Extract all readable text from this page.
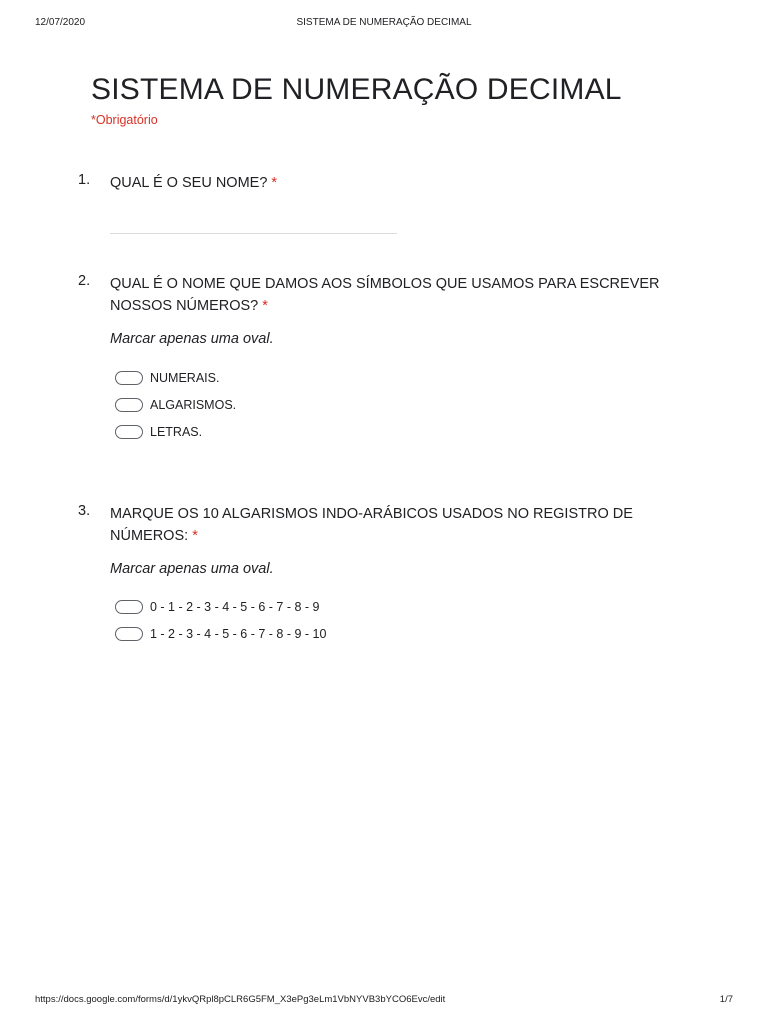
12/07/2020	SISTEMA DE NUMERAÇÃO DECIMAL
SISTEMA DE NUMERAÇÃO DECIMAL
*Obrigatório
1. QUAL É O SEU NOME? *
2. QUAL É O NOME QUE DAMOS AOS SÍMBOLOS QUE USAMOS PARA ESCREVER NOSSOS NÚMEROS? *
Marcar apenas uma oval.
NUMERAIS.
ALGARISMOS.
LETRAS.
3. MARQUE OS 10 ALGARISMOS INDO-ARÁBICOS USADOS NO REGISTRO DE NÚMEROS: *
Marcar apenas uma oval.
0 - 1 - 2 - 3 - 4 - 5 - 6 - 7 - 8 - 9
1 - 2 - 3 - 4 - 5 - 6 - 7 - 8 - 9 - 10
https://docs.google.com/forms/d/1ykvQRpl8pCLR6G5FM_X3ePg3eLm1VbNYVB3bYCO6Evc/edit	1/7
